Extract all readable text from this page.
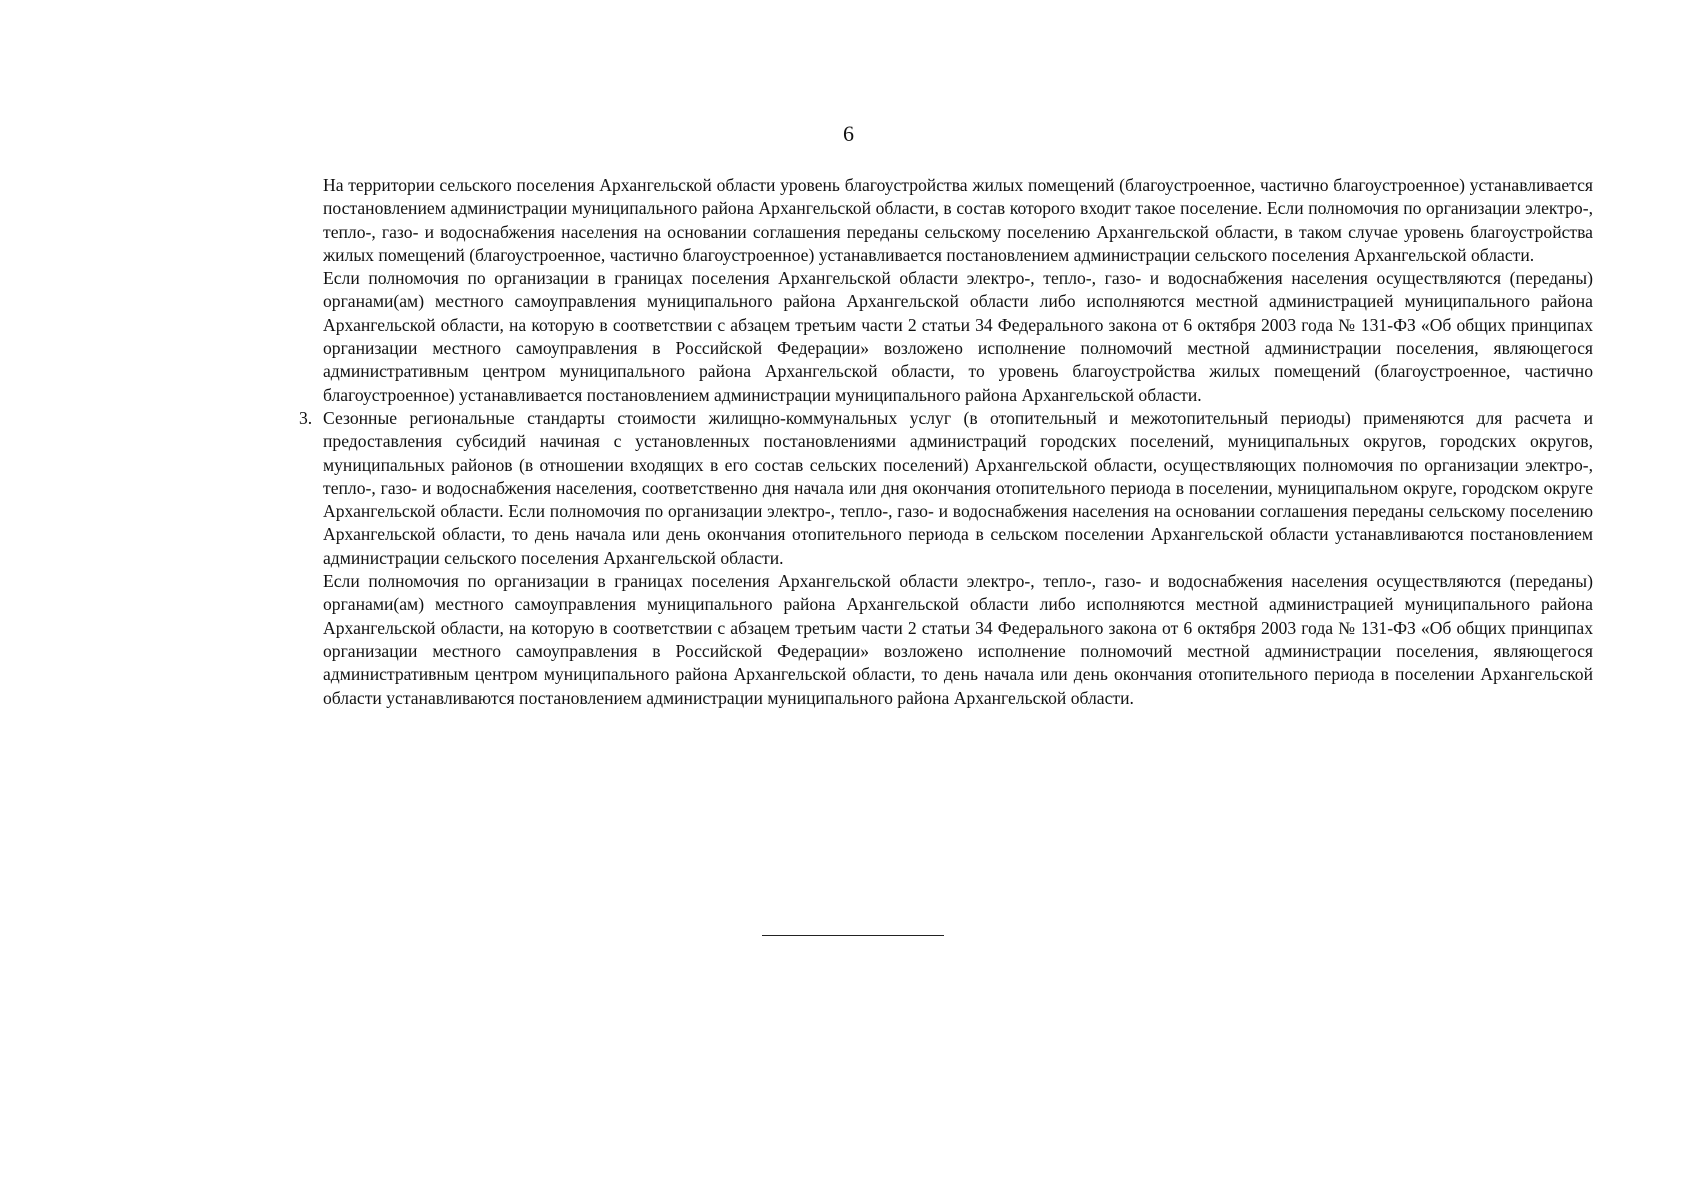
6

На территории сельского поселения Архангельской области уровень благоустройства жилых помещений (благоустроенное, частично благоустроенное) устанавливается постановлением администрации муниципального района Архангельской области, в состав которого входит такое поселение. Если полномочия по организации электро-, тепло-, газо- и водоснабжения населения на основании соглашения переданы сельскому поселению Архангельской области, в таком случае уровень благоустройства жилых помещений (благоустроенное, частично благоустроенное) устанавливается постановлением администрации сельского поселения Архангельской области.

Если полномочия по организации в границах поселения Архангельской области электро-, тепло-, газо- и водоснабжения населения осуществляются (переданы) органами(ам) местного самоуправления муниципального района Архангельской области либо исполняются местной администрацией муниципального района Архангельской области, на которую в соответствии с абзацем третьим части 2 статьи 34 Федерального закона от 6 октября 2003 года № 131-ФЗ «Об общих принципах организации местного самоуправления в Российской Федерации» возложено исполнение полномочий местной администрации поселения, являющегося административным центром муниципального района Архангельской области, то уровень благоустройства жилых помещений (благоустроенное, частично благоустроенное) устанавливается постановлением администрации муниципального района Архангельской области.

3. Сезонные региональные стандарты стоимости жилищно-коммунальных услуг (в отопительный и межотопительный периоды) применяются для расчета и предоставления субсидий начиная с установленных постановлениями администраций городских поселений, муниципальных округов, городских округов, муниципальных районов (в отношении входящих в его состав сельских поселений) Архангельской области, осуществляющих полномочия по организации электро-, тепло-, газо- и водоснабжения населения, соответственно дня начала или дня окончания отопительного периода в поселении, муниципальном округе, городском округе Архангельской области. Если полномочия по организации электро-, тепло-, газо- и водоснабжения населения на основании соглашения переданы сельскому поселению Архангельской области, то день начала или день окончания отопительного периода в сельском поселении Архангельской области устанавливаются постановлением администрации сельского поселения Архангельской области.

Если полномочия по организации в границах поселения Архангельской области электро-, тепло-, газо- и водоснабжения населения осуществляются (переданы) органами(ам) местного самоуправления муниципального района Архангельской области либо исполняются местной администрацией муниципального района Архангельской области, на которую в соответствии с абзацем третьим части 2 статьи 34 Федерального закона от 6 октября 2003 года № 131-ФЗ «Об общих принципах организации местного самоуправления в Российской Федерации» возложено исполнение полномочий местной администрации поселения, являющегося административным центром муниципального района Архангельской области, то день начала или день окончания отопительного периода в поселении Архангельской области устанавливаются постановлением администрации муниципального района Архангельской области.
